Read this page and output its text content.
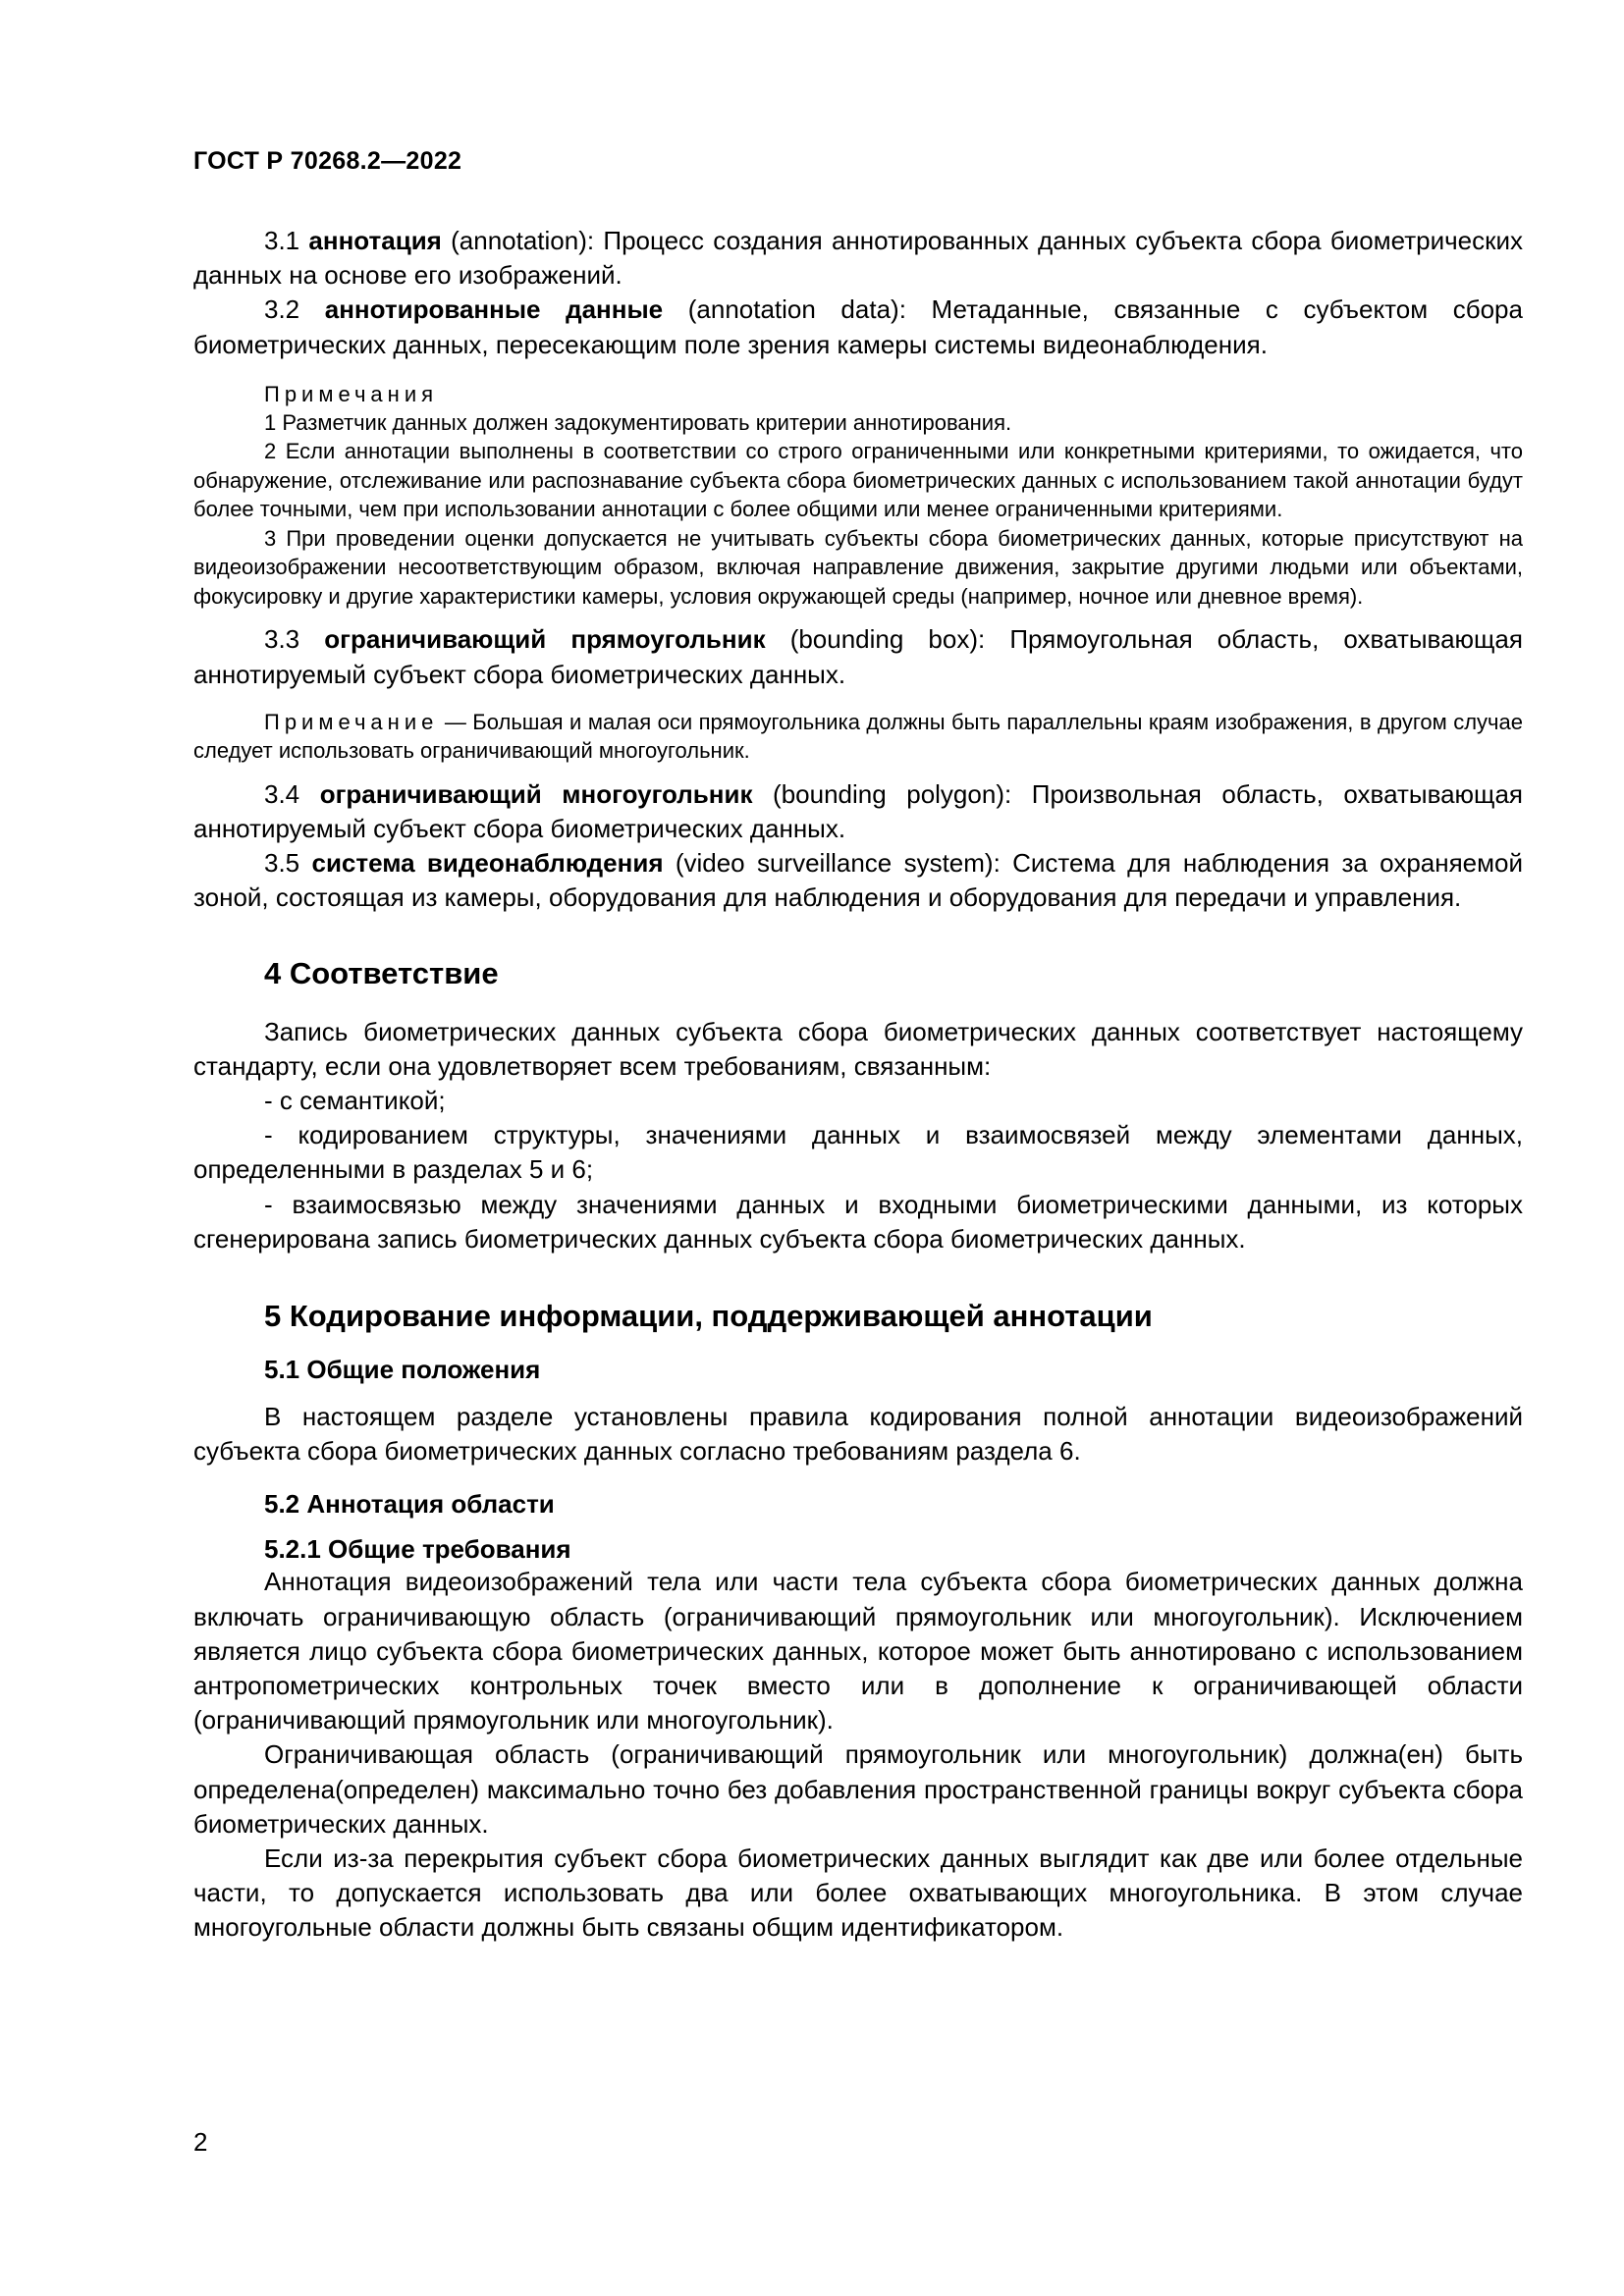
ГОСТ Р 70268.2—2022

3.1 аннотация (annotation): Процесс создания аннотированных данных субъекта сбора биометрических данных на основе его изображений.

3.2 аннотированные данные (annotation data): Метаданные, связанные с субъектом сбора биометрических данных, пересекающим поле зрения камеры системы видеонаблюдения.

Примечания

1 Разметчик данных должен задокументировать критерии аннотирования.

2 Если аннотации выполнены в соответствии со строго ограниченными или конкретными критериями, то ожидается, что обнаружение, отслеживание или распознавание субъекта сбора биометрических данных с использованием такой аннотации будут более точными, чем при использовании аннотации с более общими или менее ограниченными критериями.

3 При проведении оценки допускается не учитывать субъекты сбора биометрических данных, которые присутствуют на видеоизображении несоответствующим образом, включая направление движения, закрытие другими людьми или объектами, фокусировку и другие характеристики камеры, условия окружающей среды (например, ночное или дневное время).

3.3 ограничивающий прямоугольник (bounding box): Прямоугольная область, охватывающая аннотируемый субъект сбора биометрических данных.

Примечание — Большая и малая оси прямоугольника должны быть параллельны краям изображения, в другом случае следует использовать ограничивающий многоугольник.

3.4 ограничивающий многоугольник (bounding polygon): Произвольная область, охватывающая аннотируемый субъект сбора биометрических данных.

3.5 система видеонаблюдения (video surveillance system): Система для наблюдения за охраняемой зоной, состоящая из камеры, оборудования для наблюдения и оборудования для передачи и управления.

4 Соответствие

Запись биометрических данных субъекта сбора биометрических данных соответствует настоящему стандарту, если она удовлетворяет всем требованиям, связанным:

- с семантикой;

- кодированием структуры, значениями данных и взаимосвязей между элементами данных, определенными в разделах 5 и 6;

- взаимосвязью между значениями данных и входными биометрическими данными, из которых сгенерирована запись биометрических данных субъекта сбора биометрических данных.

5 Кодирование информации, поддерживающей аннотации
5.1 Общие положения

В настоящем разделе установлены правила кодирования полной аннотации видеоизображений субъекта сбора биометрических данных согласно требованиям раздела 6.

5.2 Аннотация области
5.2.1 Общие требования

Аннотация видеоизображений тела или части тела субъекта сбора биометрических данных должна включать ограничивающую область (ограничивающий прямоугольник или многоугольник). Исключением является лицо субъекта сбора биометрических данных, которое может быть аннотировано с использованием антропометрических контрольных точек вместо или в дополнение к ограничивающей области (ограничивающий прямоугольник или многоугольник).

Ограничивающая область (ограничивающий прямоугольник или многоугольник) должна(ен) быть определена(определен) максимально точно без добавления пространственной границы вокруг субъекта сбора биометрических данных.

Если из-за перекрытия субъект сбора биометрических данных выглядит как две или более отдельные части, то допускается использовать два или более охватывающих многоугольника. В этом случае многоугольные области должны быть связаны общим идентификатором.

2
